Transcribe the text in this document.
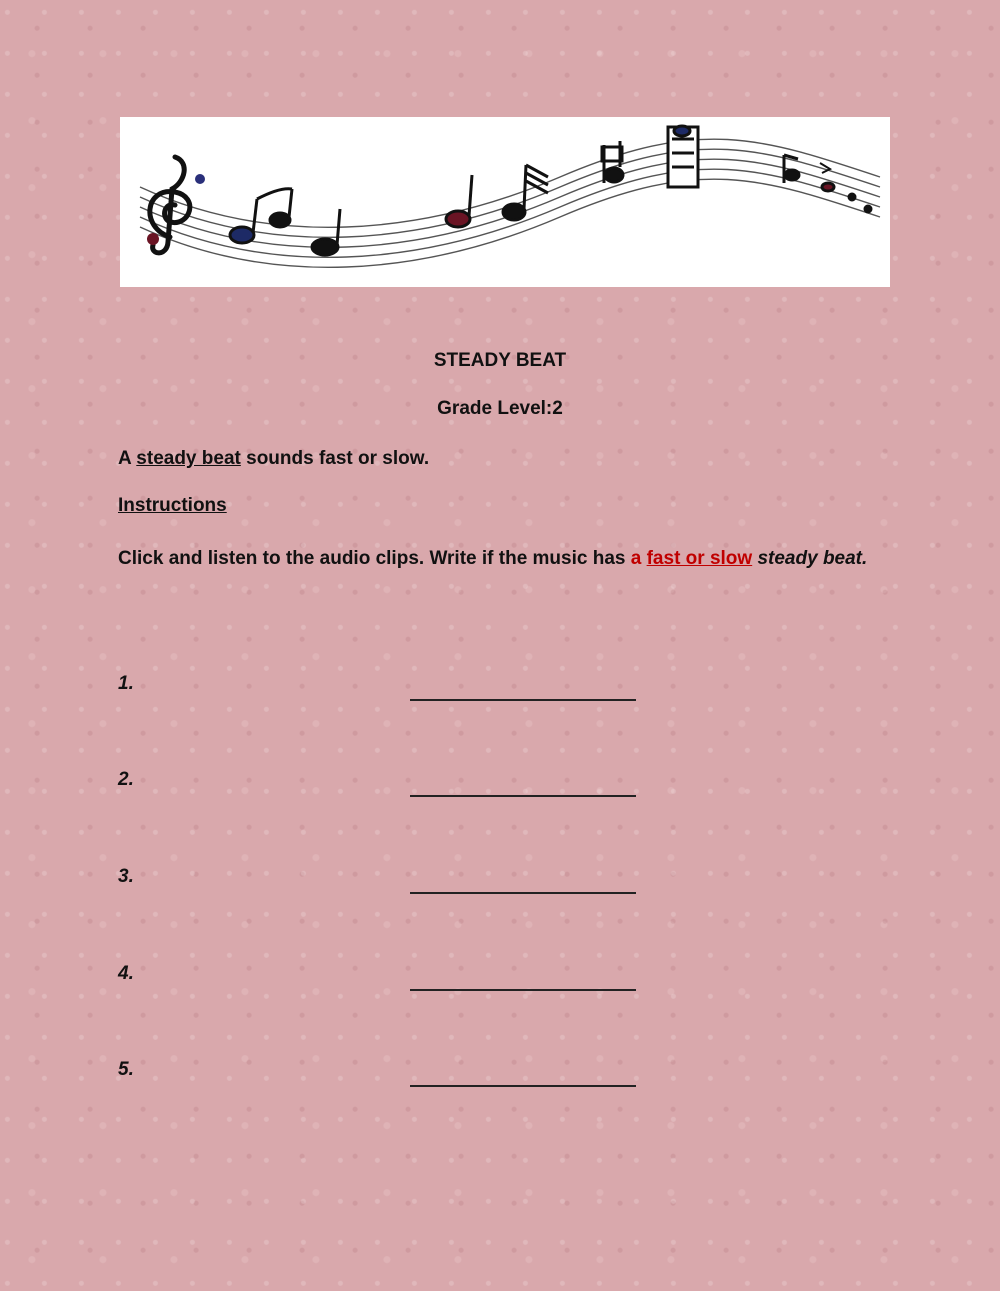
STEADY BEAT
Grade Level:2
A steady beat sounds fast or slow.
Instructions
Click and listen to the audio clips. Write if the music has a fast or slow steady beat.
1.
2.
3.
4.
5.
